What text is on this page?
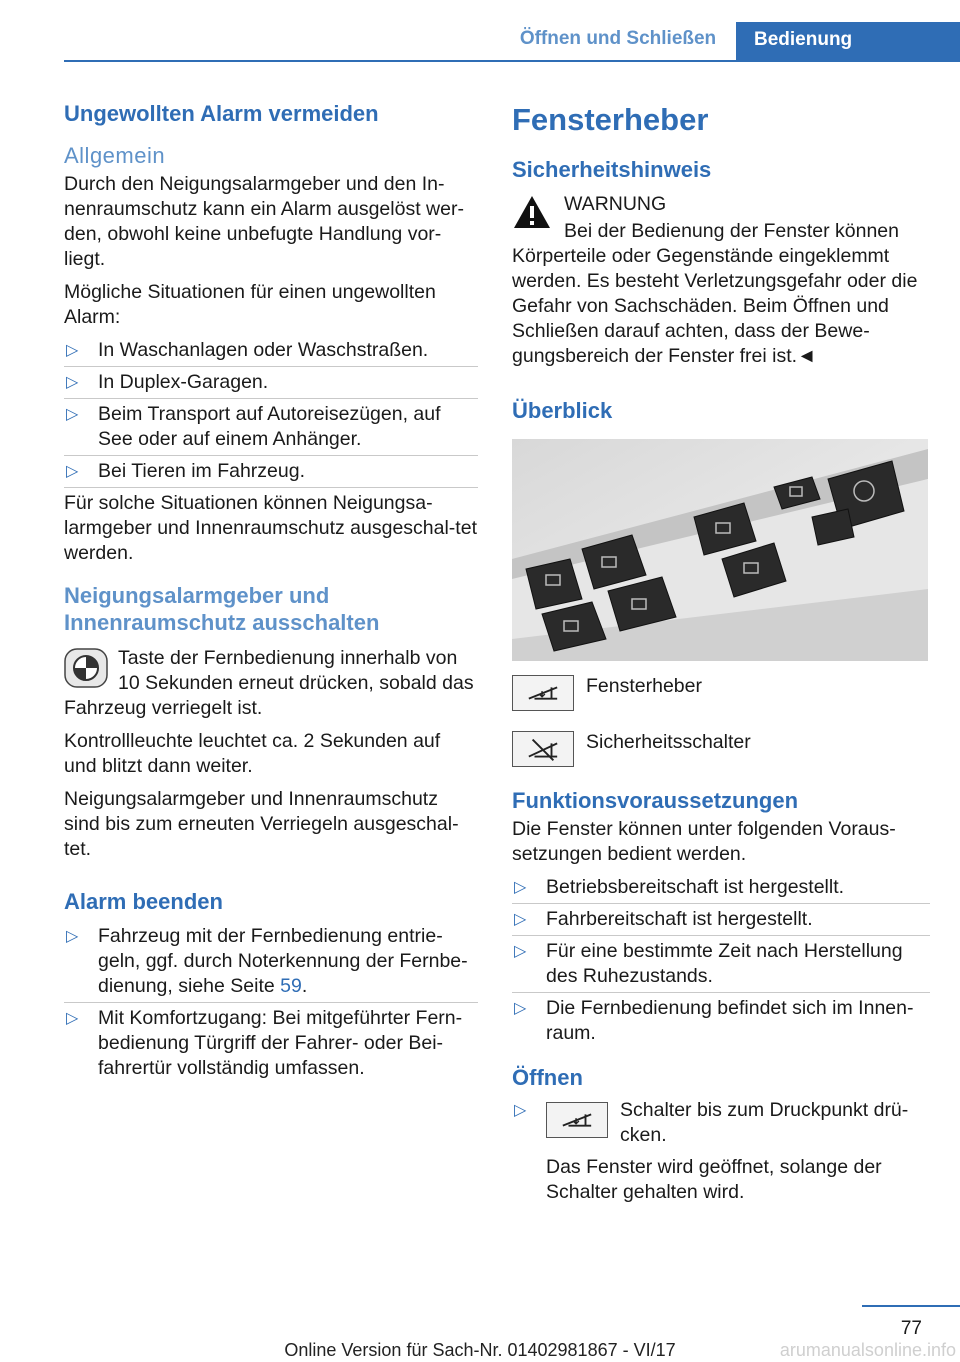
Öffnen und Schließen	Bedienung
Ungewollten Alarm vermeiden
Allgemein

Durch den Neigungsalarmgeber und den In-nenraumschutz kann ein Alarm ausgelöst wer-den, obwohl keine unbefugte Handlung vor-liegt.

Mögliche Situationen für einen ungewollten Alarm:

▷ In Waschanlagen oder Waschstraßen.
▷ In Duplex-Garagen.
▷ Beim Transport auf Autoreisezügen, auf See oder auf einem Anhänger.
▷ Bei Tieren im Fahrzeug.

Für solche Situationen können Neigungsa-larmgeber und Innenraumschutz ausgeschal-tet werden.

Neigungsalarmgeber und Innenraumschutz ausschalten

Taste der Fernbedienung innerhalb von 10 Sekunden erneut drücken, sobald das Fahrzeug verriegelt ist.

Kontrollleuchte leuchtet ca. 2 Sekunden auf und blitzt dann weiter.

Neigungsalarmgeber und Innenraumschutz sind bis zum erneuten Verriegeln ausgeschal-tet.

Alarm beenden
▷ Fahrzeug mit der Fernbedienung entrie-geln, ggf. durch Noterkennung der Fernbe-dienung, siehe Seite 59.
▷ Mit Komfortzugang: Bei mitgeführter Fern-bedienung Türgriff der Fahrer- oder Bei-fahrertür vollständig umfassen.
Fensterheber
Sicherheitshinweis

WARNUNG

Bei der Bedienung der Fenster können Körperteile oder Gegenstände eingeklemmt werden. Es besteht Verletzungsgefahr oder die Gefahr von Sachschäden. Beim Öffnen und Schließen darauf achten, dass der Bewe-gungsbereich der Fenster frei ist.◄

Überblick
Fensterheber
Sicherheitsschalter
Funktionsvoraussetzungen

Die Fenster können unter folgenden Voraus-setzungen bedient werden.

▷ Betriebsbereitschaft ist hergestellt.
▷ Fahrbereitschaft ist hergestellt.
▷ Für eine bestimmte Zeit nach Herstellung des Ruhezustands.
▷ Die Fernbedienung befindet sich im Innen-raum.
Öffnen
▷	Schalter bis zum Druckpunkt drü-cken.

Das Fenster wird geöffnet, solange der Schalter gehalten wird.

77
Online Version für Sach-Nr. 01402981867 - VI/17	arumanualsonline.info
